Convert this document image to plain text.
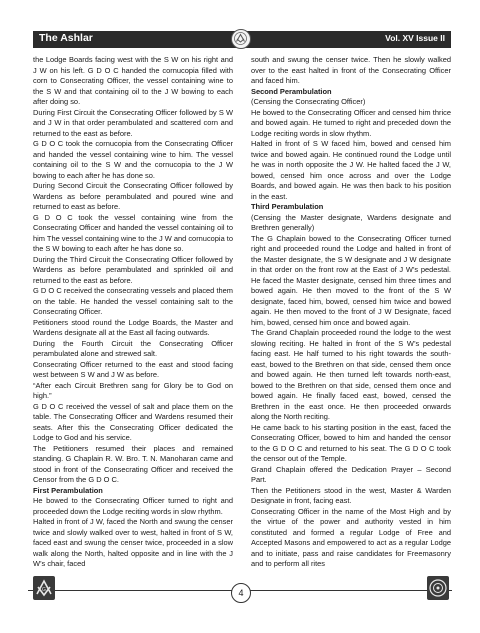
The Ashlar	Vol. XV Issue II

the Lodge Boards facing west with the S W on his right and J W on his left. G D O C handed the cornucopia filled with corn to Consecrating Officer, the vessel containing wine to the S W and that containing oil to the J W bowing to each after doing so.

During First Circuit the Consecrating Officer followed by S W and J W in that order perambulated and scattered corn and returned to the east as before.

G D O C took the cornucopia from the Consecrating Officer and handed the vessel containing wine to him. The vessel containing oil to the S W and the cornucopia to the J W bowing to each after he has done so.

During Second Circuit the Consecrating Officer followed by Wardens as before perambulated and poured wine and returned to east as before.

G D O C took the vessel containing wine from the Consecrating Officer and handed the vessel containing oil to him The vessel containing wine to the J W and cornucopia to the S W bowing to each after he has done so.

During the Third Circuit the Consecrating Officer followed by Wardens as before perambulated and sprinkled oil and returned to the east as before.

G D O C received the consecrating vessels and placed them on the table. He handed the vessel containing salt to the Consecrating Officer.

Petitioners stood round the Lodge Boards, the Master and Wardens designate all at the East all facing outwards.

During the Fourth Circuit the Consecrating Officer perambulated alone and strewed salt.

Consecrating Officer returned to the east and stood facing west between S W and J W as before.

“After each Circuit Brethren sang for Glory be to God on high.”

G D O C received the vessel of salt and place them on the table. The Consecrating Officer and Wardens resumed their seats. After this the Consecrating Officer dedicated the Lodge to God and his service.

The Petitioners resumed their places and remained standing. G Chaplain R. W. Bro. T. N. Manoharan came and stood in front of the Consecrating Officer and received the Censor from the G D O C.

First Perambulation

He bowed to the Consecrating Officer turned to right and proceeded down the Lodge reciting words in slow rhythm.

Halted in front of J W, faced the North and swung the censer twice and slowly walked over to west, halted in front of S W, faced east and swung the censer twice, proceeded in a slow walk along the North, halted opposite and in line with the J W’s chair, faced

south and swung the censer twice. Then he slowly walked over to the east halted in front of the Consecrating Officer and faced him.

Second Perambulation

(Censing the Consecrating Officer)

He bowed to the Consecrating Officer and censed him thrice and bowed again. He turned to right and preceded down the Lodge reciting words in slow rhythm.

Halted in front of S W faced him, bowed and censed him twice and bowed again. He continued round the Lodge until he was in north opposite the J W. He halted faced the J W, bowed, censed him once across and over the Lodge Boards, and bowed again. He was then back to his position in the east.

Third Perambulation

(Censing the Master designate, Wardens designate and Brethren generally)

The G Chaplain bowed to the Consecrating Officer turned right and proceeded round the Lodge and halted in front of the Master designate, the S W designate and J W designate in that order on the front row at the East of J W’s pedestal. He faced the Master designate, censed him three times and bowed again. He then moved to the front of the S W designate, faced him, bowed, censed him twice and bowed again. He then moved to the front of J W Designate, faced him, bowed, censed him once and bowed again.

The Grand Chaplain proceeded round the lodge to the west slowing reciting. He halted in front of the S W’s pedestal facing east. He half turned to his right towards the south-east, bowed to the Brethren on that side, censed them once and bowed again. He then turned left towards north-east, bowed to the Brethren on that side, censed them once and bowed again. He finally faced east, bowed, censed the Brethren in the east once. He then proceeded onwards along the North reciting.

He came back to his starting position in the east, faced the Consecrating Officer, bowed to him and handed the censor to the G D O C and returned to his seat. The G D O C took the censor out of the Temple.

Grand Chaplain offered the Dedication Prayer – Second Part.

Then the Petitioners stood in the west, Master & Warden Designate in front, facing east.

Consecrating Officer in the name of the Most High and by the virtue of the power and authority vested in him constituted and formed a regular Lodge of Free and Accepted Masons and empowered to act as a regular Lodge and to initiate, pass and raise candidates for Freemasonry and to perform all rites

G	4
